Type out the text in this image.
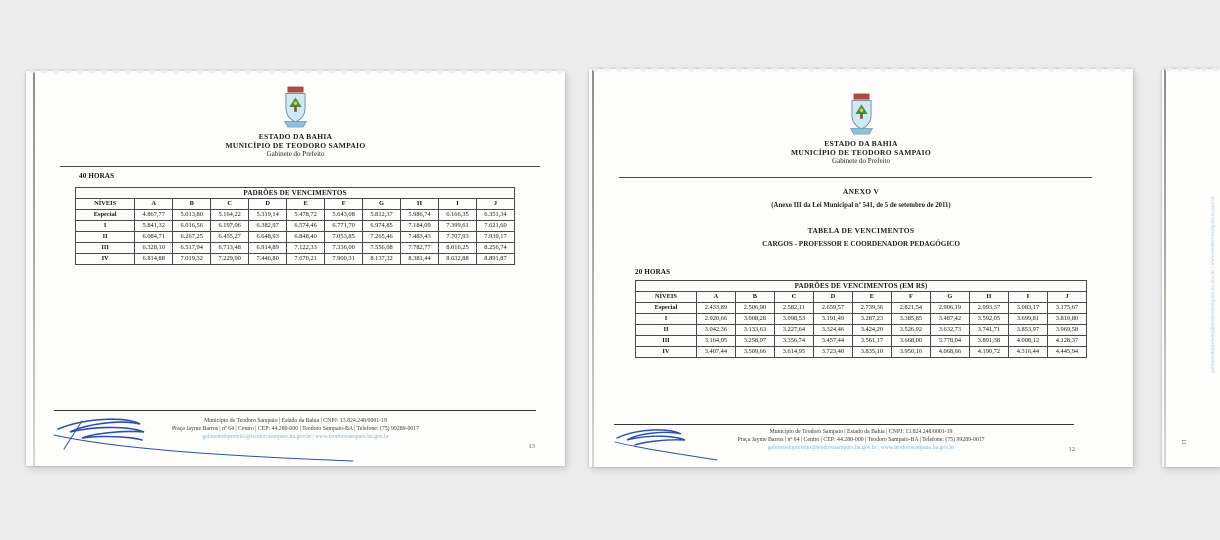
ESTADO DA BAHIA
MUNICÍPIO DE TEODORO SAMPAIO
Gabinete do Prefeito
40 HORAS
PADRÕES DE VENCIMENTOS										
NÍVEIS	A	B	C	D	E	F	G	H	I	J
Especial	4.867,77	5.013,80	5.164,22	5.319,14	5.478,72	5.643,08	5.812,37	5.986,74	6.166,35	6.351,34
I	5.841,32	6.016,56	6.197,06	6.382,97	6.574,46	6.771,70	6.974,85	7.184,09	7.399,61	7.621,60
II	6.084,71	6.267,25	6.455,27	6.648,93	6.848,40	7.053,85	7.265,46	7.483,43	7.707,93	7.939,17
III	6.328,10	6.517,94	6.713,48	6.914,89	7.122,33	7.336,00	7.556,08	7.782,77	8.016,25	8.256,74
IV	6.814,88	7.019,32	7.229,90	7.446,80	7.670,21	7.900,31	8.137,32	8.381,44	8.632,88	8.891,87
Município de Teodoro Sampaio | Estado da Bahia | CNPJ: 13.824.248/0001-19
Praça Jayme Barros | nº 64 | Centro | CEP: 44.280-000 | Teodoro Sampaio-BA | Telefone: (75) 99289-0017
gabinetedoprefeito@teodorosampaio.ba.gov.br | www.teodorosampaio.ba.gov.br
13
ESTADO DA BAHIA
MUNICÍPIO DE TEODORO SAMPAIO
Gabinete do Prefeito
ANEXO V
(Anexo III da Lei Municipal nº 541, de 5 de setembro de 2011)
TABELA DE VENCIMENTOS
CARGOS - PROFESSOR E COORDENADOR PEDAGÓGICO
20 HORAS
PADRÕES DE VENCIMENTOS (EM R$)										
NÍVEIS	A	B	C	D	E	F	G	H	I	J
Especial	2.433,89	2.506,90	2.582,11	2.659,57	2.739,36	2.821,54	2.906,19	2.993,37	3.083,17	3.175,67
I	2.920,66	3.008,28	3.098,53	3.191,49	3.287,23	3.385,85	3.487,42	3.592,05	3.699,81	3.810,80
II	3.042,36	3.133,63	3.227,64	3.324,46	3.424,20	3.526,92	3.632,73	3.741,71	3.853,97	3.969,58
III	3.164,05	3.258,97	3.356,74	3.457,44	3.561,17	3.668,00	3.778,04	3.891,38	4.008,12	4.128,37
IV	3.407,44	3.509,66	3.614,95	3.723,40	3.835,10	3.950,16	4.068,66	4.190,72	4.316,44	4.445,94
Município de Teodoro Sampaio | Estado da Bahia | CNPJ: 13.824.248/0001-19
Praça Jayme Barros | nº 64 | Centro | CEP: 44.280-000 | Teodoro Sampaio-BA | Telefone: (75) 99289-0017
gabinetedoprefeito@teodorosampaio.ba.gov.br | www.teodorosampaio.ba.gov.br	12
gabinetedoprefeito@teodorosampaio.ba.gov.br | www.teodorosampaio.ba.gov.br
11
